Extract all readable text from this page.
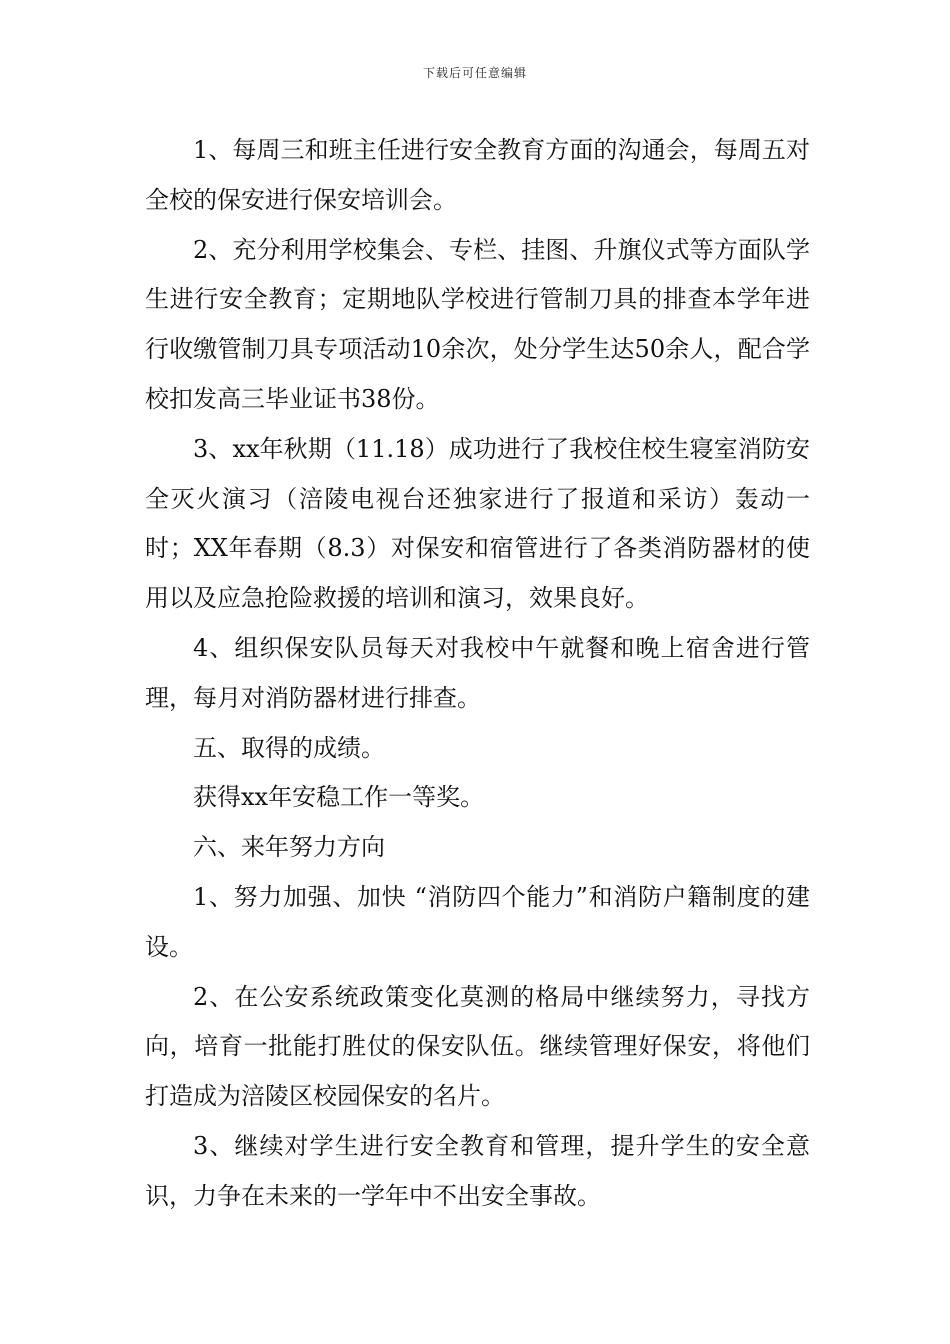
下载后可任意编辑

1、每周三和班主任进行安全教育方面的沟通会，每周五对全校的保安进行保安培训会。

2、充分利用学校集会、专栏、挂图、升旗仪式等方面队学生进行安全教育；定期地队学校进行管制刀具的排查本学年进行收缴管制刀具专项活动10余次，处分学生达50余人，配合学校扣发高三毕业证书38份。

3、xx年秋期（11.18）成功进行了我校住校生寝室消防安全灭火演习（涪陵电视台还独家进行了报道和采访）轰动一时；XX年春期（8.3）对保安和宿管进行了各类消防器材的使用以及应急抢险救援的培训和演习，效果良好。

4、组织保安队员每天对我校中午就餐和晚上宿舍进行管理，每月对消防器材进行排查。

五、取得的成绩。

获得xx年安稳工作一等奖。

六、来年努力方向

1、努力加强、加快 “消防四个能力”和消防户籍制度的建设。

2、在公安系统政策变化莫测的格局中继续努力，寻找方向，培育一批能打胜仗的保安队伍。继续管理好保安，将他们打造成为涪陵区校园保安的名片。

3、继续对学生进行安全教育和管理，提升学生的安全意识，力争在未来的一学年中不出安全事故。
